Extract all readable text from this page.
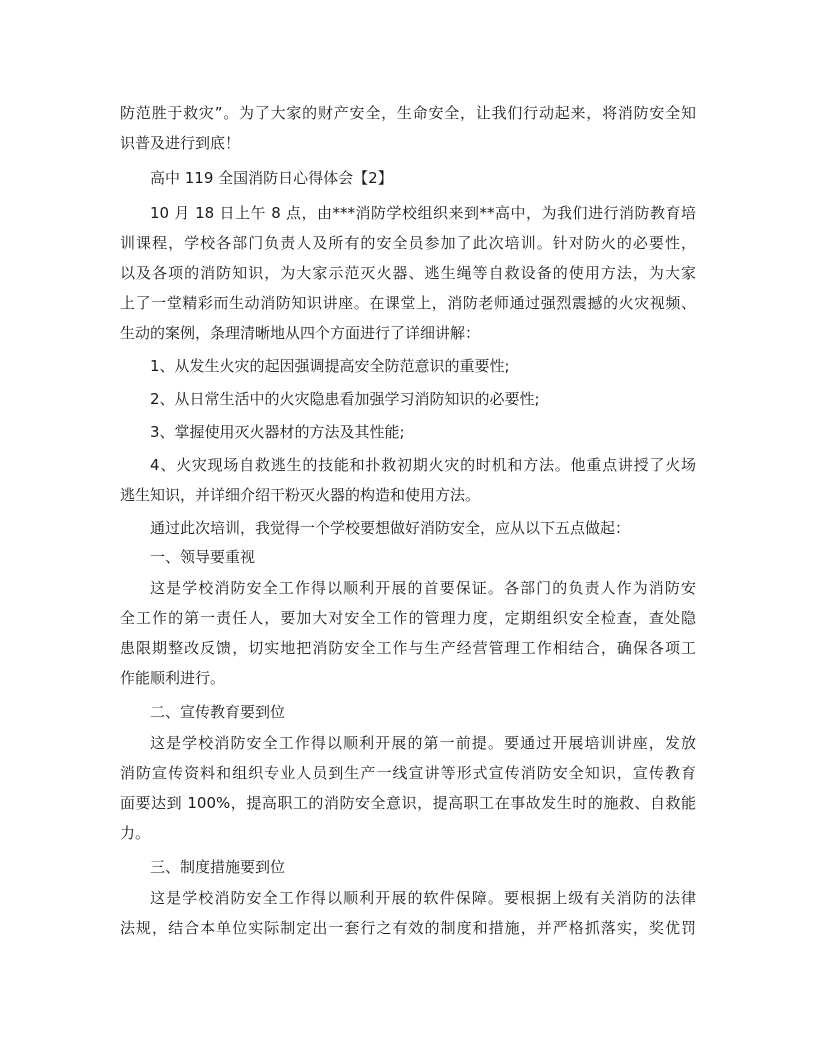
防范胜于救灾”。为了大家的财产安全，生命安全，让我们行动起来，将消防安全知
识普及进行到底！
高中 119 全国消防日心得体会【2】
10 月 18 日上午 8 点，由***消防学校组织来到**高中，为我们进行消防教育培
训课程，学校各部门负责人及所有的安全员参加了此次培训。针对防火的必要性，
以及各项的消防知识，为大家示范灭火器、逃生绳等自救设备的使用方法，为大家
上了一堂精彩而生动消防知识讲座。在课堂上，消防老师通过强烈震撼的火灾视频、
生动的案例，条理清晰地从四个方面进行了详细讲解：
1、从发生火灾的起因强调提高安全防范意识的重要性;
2、从日常生活中的火灾隐患看加强学习消防知识的必要性;
3、掌握使用灭火器材的方法及其性能;
4、火灾现场自救逃生的技能和扑救初期火灾的时机和方法。他重点讲授了火场
逃生知识，并详细介绍干粉灭火器的构造和使用方法。
通过此次培训，我觉得一个学校要想做好消防安全，应从以下五点做起：
一、领导要重视
这是学校消防安全工作得以顺利开展的首要保证。各部门的负责人作为消防安
全工作的第一责任人，要加大对安全工作的管理力度，定期组织安全检查，查处隐
患限期整改反馈，切实地把消防安全工作与生产经营管理工作相结合，确保各项工
作能顺利进行。
二、宣传教育要到位
这是学校消防安全工作得以顺利开展的第一前提。要通过开展培训讲座，发放
消防宣传资料和组织专业人员到生产一线宣讲等形式宣传消防安全知识，宣传教育
面要达到 100%，提高职工的消防安全意识，提高职工在事故发生时的施救、自救能
力。
三、制度措施要到位
这是学校消防安全工作得以顺利开展的软件保障。要根据上级有关消防的法律
法规，结合本单位实际制定出一套行之有效的制度和措施，并严格抓落实，奖优罚
